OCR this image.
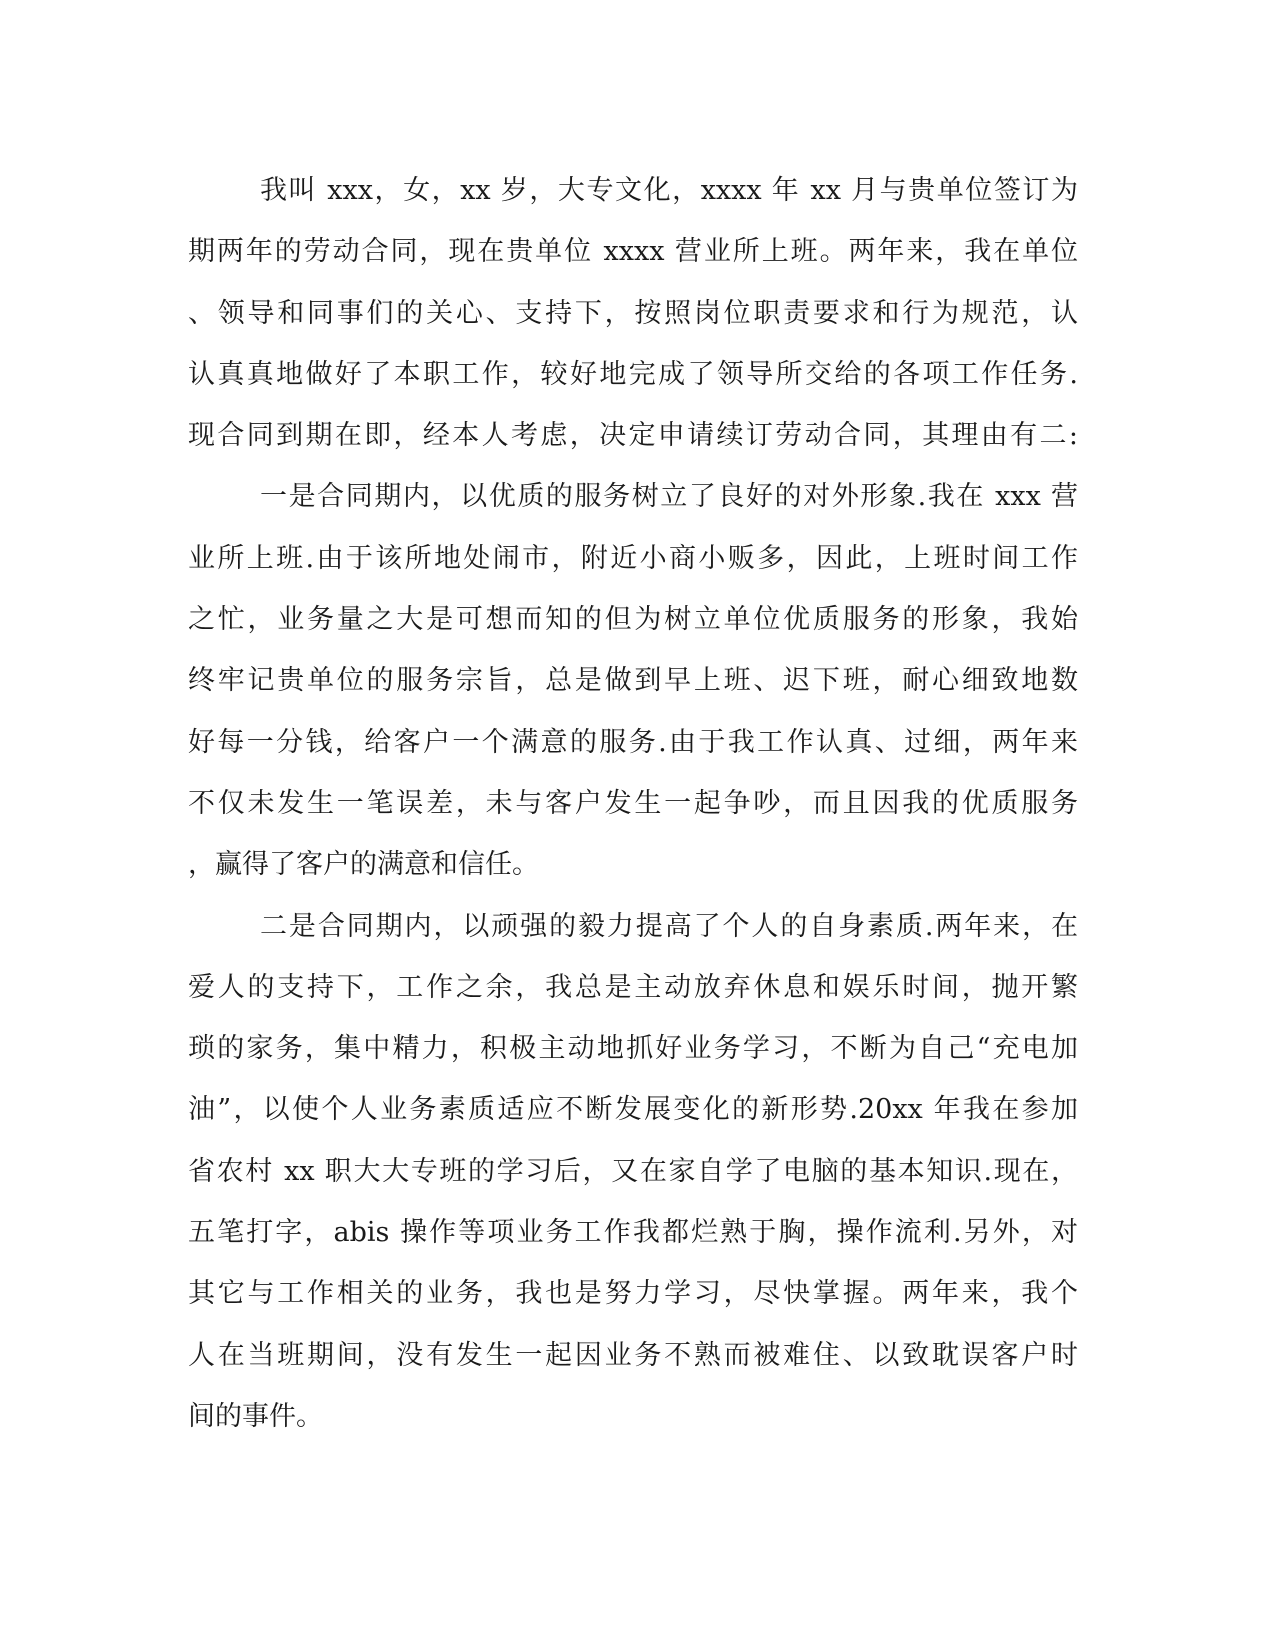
我叫 xxx，女，xx 岁，大专文化，xxxx 年 xx 月与贵单位签订为
期两年的劳动合同，现在贵单位 xxxx 营业所上班。两年来，我在单位
、领导和同事们的关心、支持下，按照岗位职责要求和行为规范，认
认真真地做好了本职工作，较好地完成了领导所交给的各项工作任务.
现合同到期在即，经本人考虑，决定申请续订劳动合同，其理由有二:
一是合同期内，以优质的服务树立了良好的对外形象.我在 xxx 营
业所上班.由于该所地处闹市，附近小商小贩多，因此，上班时间工作
之忙，业务量之大是可想而知的但为树立单位优质服务的形象，我始
终牢记贵单位的服务宗旨，总是做到早上班、迟下班，耐心细致地数
好每一分钱，给客户一个满意的服务.由于我工作认真、过细，两年来
不仅未发生一笔误差，未与客户发生一起争吵，而且因我的优质服务
，赢得了客户的满意和信任。
二是合同期内，以顽强的毅力提高了个人的自身素质.两年来，在
爱人的支持下，工作之余，我总是主动放弃休息和娱乐时间，抛开繁
琐的家务，集中精力，积极主动地抓好业务学习，不断为自己“充电加
油”，以使个人业务素质适应不断发展变化的新形势.20xx 年我在参加
省农村 xx 职大大专班的学习后，又在家自学了电脑的基本知识.现在，
五笔打字，abis 操作等项业务工作我都烂熟于胸，操作流利.另外，对
其它与工作相关的业务，我也是努力学习，尽快掌握。两年来，我个
人在当班期间，没有发生一起因业务不熟而被难住、以致耽误客户时
间的事件。
